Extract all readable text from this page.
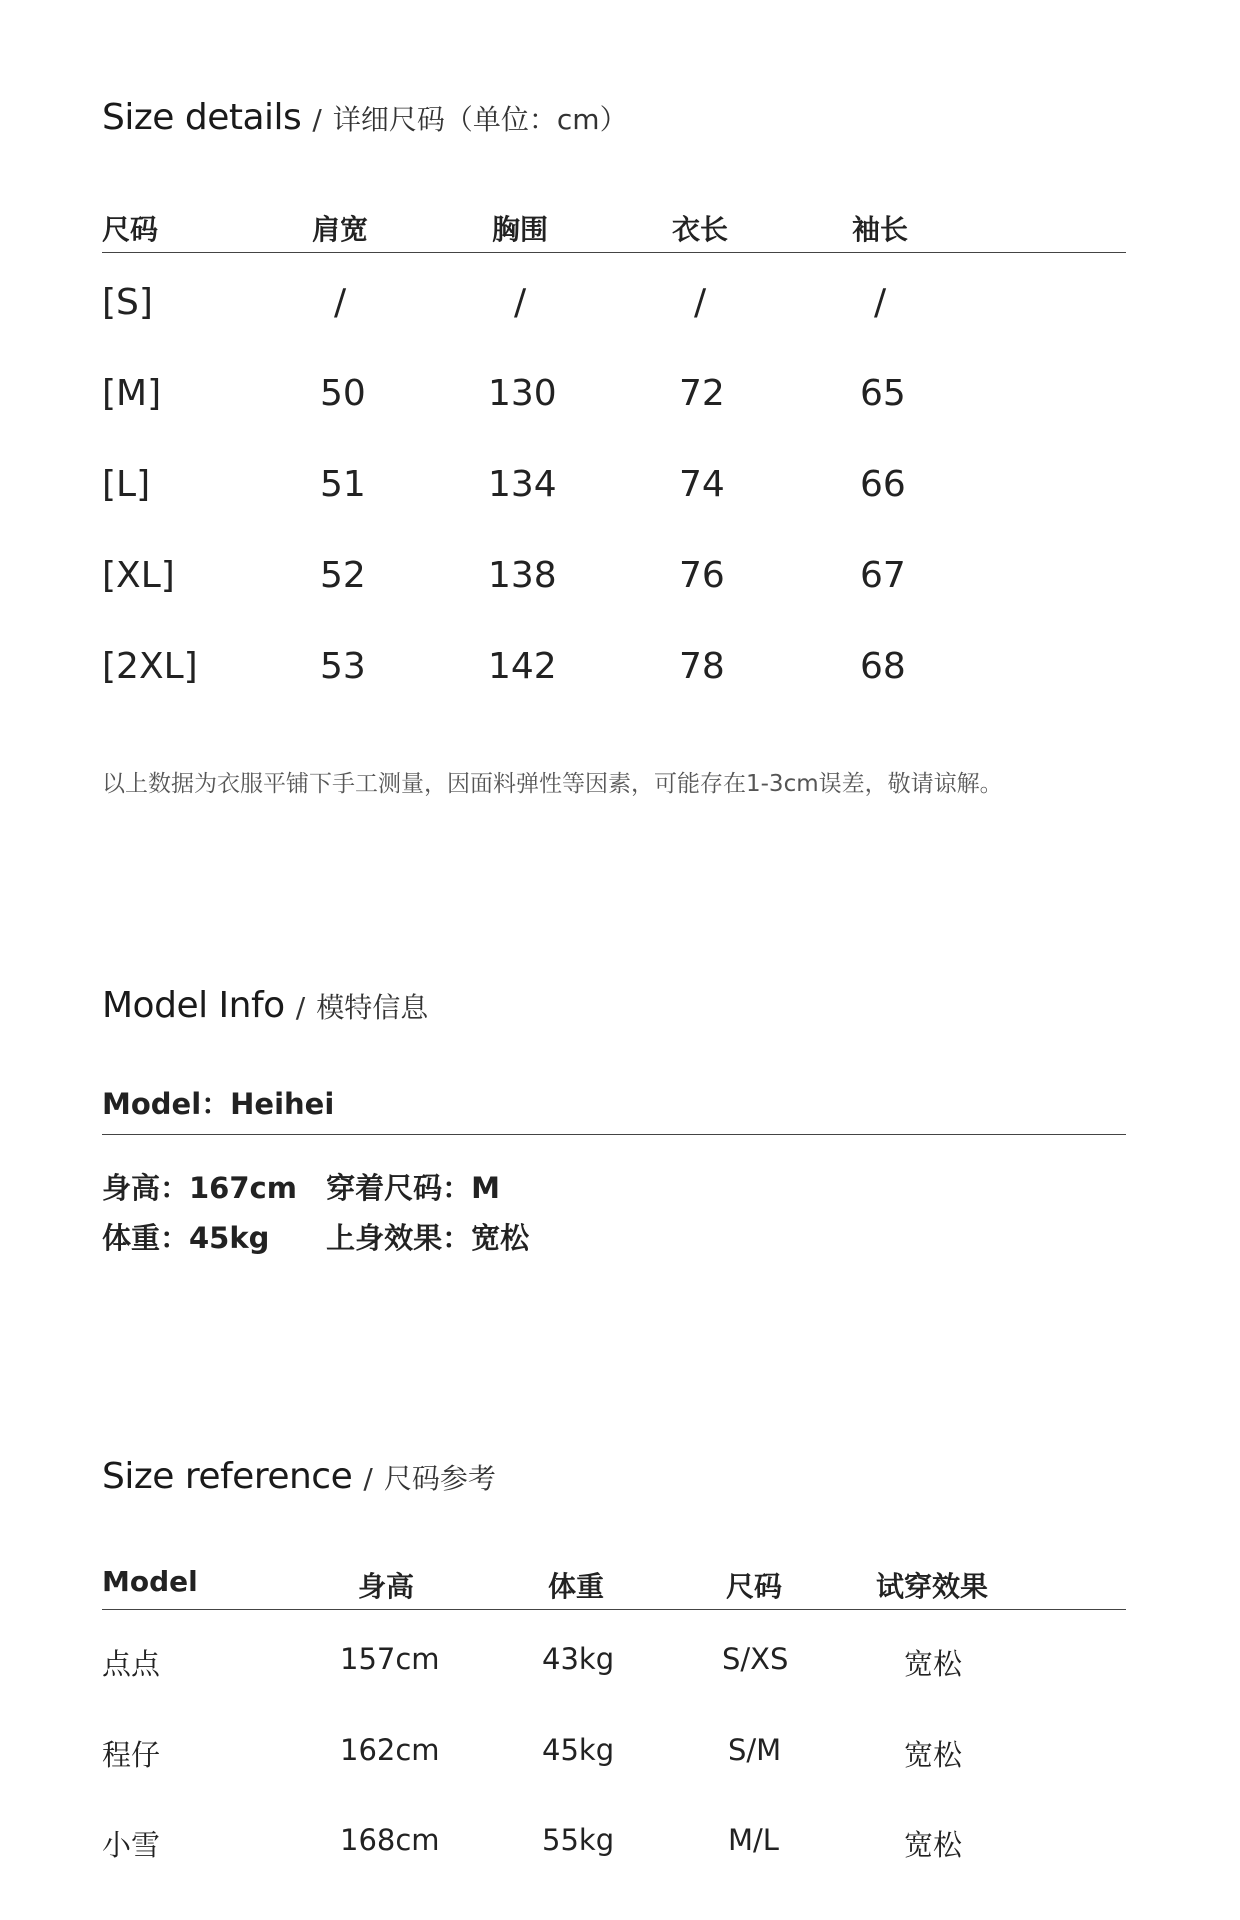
Size details / 详细尺码（单位：cm）
尺码	肩宽	胸围	衣长	袖长
[S]	/	/	/	/
[M]	50	130	72	65
[L]	51	134	74	66
[XL]	52	138	76	67
[2XL]	53	142	78	68
以上数据为衣服平铺下手工测量，因面料弹性等因素，可能存在1-3cm误差，敬请谅解。
Model Info / 模特信息
Model：Heihei
身高：167cm 穿着尺码：M
体重：45kg 上身效果：宽松
Size reference / 尺码参考
Model	身高	体重	尺码	试穿效果
点点	157cm	43kg	S/XS	宽松
程仔	162cm	45kg	S/M	宽松
小雪	168cm	55kg	M/L	宽松
